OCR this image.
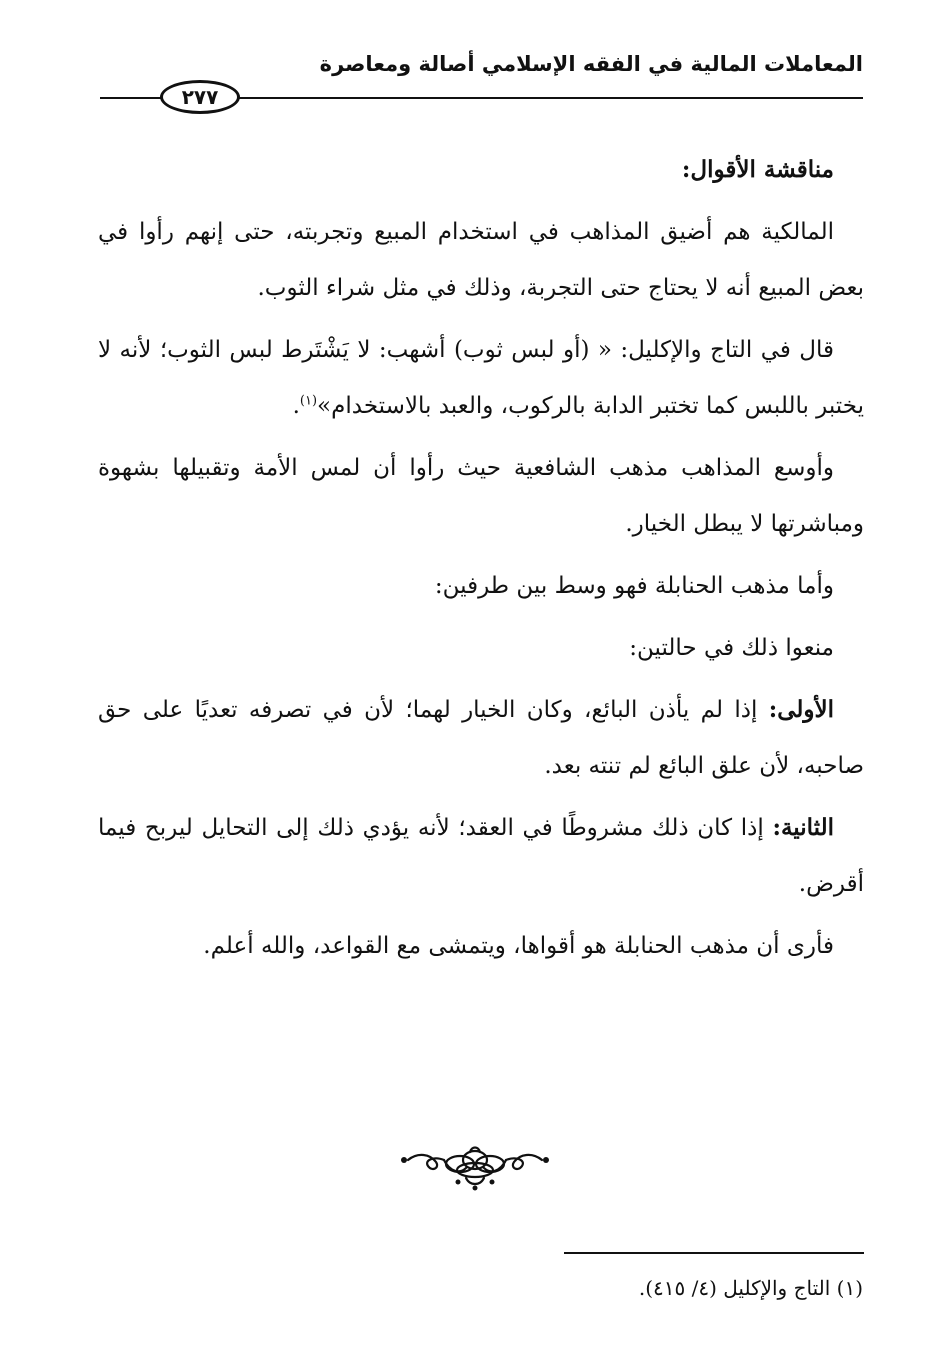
المعاملات المالية في الفقه الإسلامي أصالة ومعاصرة
٢٧٧

مناقشة الأقوال:

المالكية هم أضيق المذاهب في استخدام المبيع وتجربته، حتى إنهم رأوا في بعض المبيع أنه لا يحتاج حتى التجربة، وذلك في مثل شراء الثوب.

قال في التاج والإكليل: « (أو لبس ثوب) أشهب: لا يَشْتَرط لبس الثوب؛ لأنه لا يختبر باللبس كما تختبر الدابة بالركوب، والعبد بالاستخدام»$^{(١)}$.

وأوسع المذاهب مذهب الشافعية حيث رأوا أن لمس الأمة وتقبيلها بشهوة ومباشرتها لا يبطل الخيار.

وأما مذهب الحنابلة فهو وسط بين طرفين:

منعوا ذلك في حالتين:

الأولى: إذا لم يأذن البائع، وكان الخيار لهما؛ لأن في تصرفه تعديًا على حق صاحبه، لأن علق البائع لم تنته بعد.

الثانية: إذا كان ذلك مشروطًا في العقد؛ لأنه يؤدي ذلك إلى التحايل ليربح فيما أقرض.

فأرى أن مذهب الحنابلة هو أقواها، ويتمشى مع القواعد، والله أعلم.

(١) التاج والإكليل (٤/ ٤١٥).
